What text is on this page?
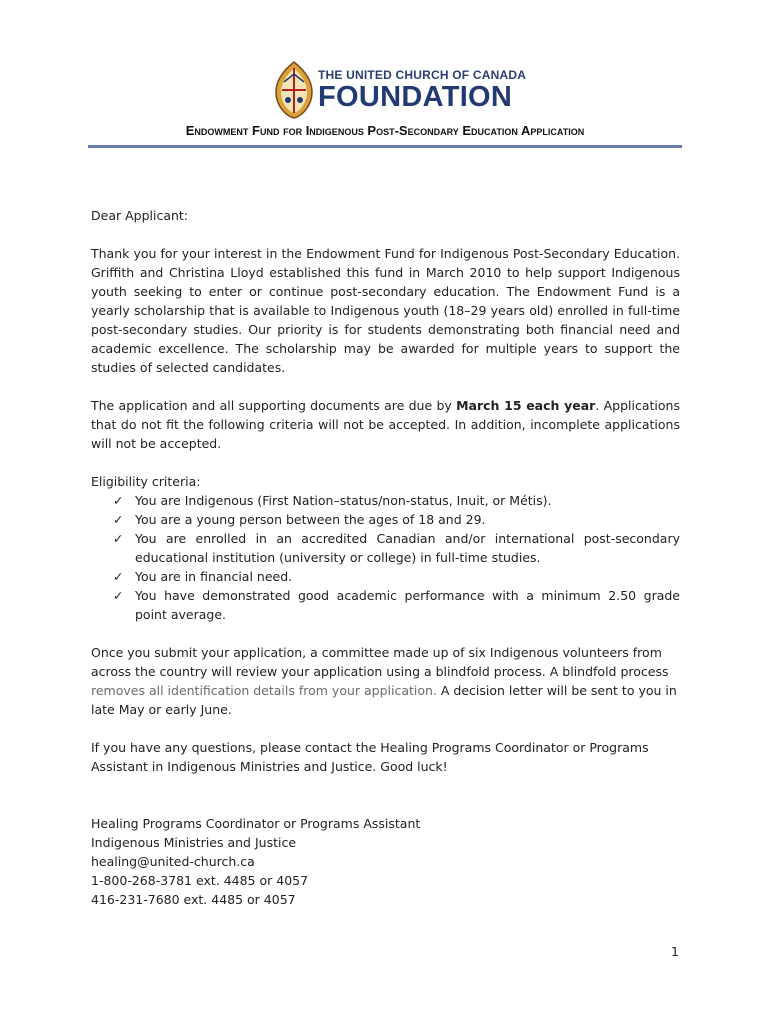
THE UNITED CHURCH OF CANADA
FOUNDATION
Endowment Fund for Indigenous Post-Secondary Education Application

Dear Applicant:

Thank you for your interest in the Endowment Fund for Indigenous Post-Secondary Education. Griffith and Christina Lloyd established this fund in March 2010 to help support Indigenous youth seeking to enter or continue post-secondary education. The Endowment Fund is a yearly scholarship that is available to Indigenous youth (18–29 years old) enrolled in full-time post-secondary studies. Our priority is for students demonstrating both financial need and academic excellence. The scholarship may be awarded for multiple years to support the studies of selected candidates.

The application and all supporting documents are due by March 15 each year. Applications that do not fit the following criteria will not be accepted. In addition, incomplete applications will not be accepted.

Eligibility criteria:

✓ You are Indigenous (First Nation–status/non-status, Inuit, or Métis).
✓ You are a young person between the ages of 18 and 29.
✓ You are enrolled in an accredited Canadian and/or international post-secondary educational institution (university or college) in full-time studies.
✓ You are in financial need.
✓ You have demonstrated good academic performance with a minimum 2.50 grade point average.

Once you submit your application, a committee made up of six Indigenous volunteers from across the country will review your application using a blindfold process. A blindfold process removes all identification details from your application. A decision letter will be sent to you in late May or early June.

If you have any questions, please contact the Healing Programs Coordinator or Programs Assistant in Indigenous Ministries and Justice. Good luck!

Healing Programs Coordinator or Programs Assistant

Indigenous Ministries and Justice

healing@united-church.ca

1-800-268-3781 ext. 4485 or 4057

416-231-7680 ext. 4485 or 4057

1
